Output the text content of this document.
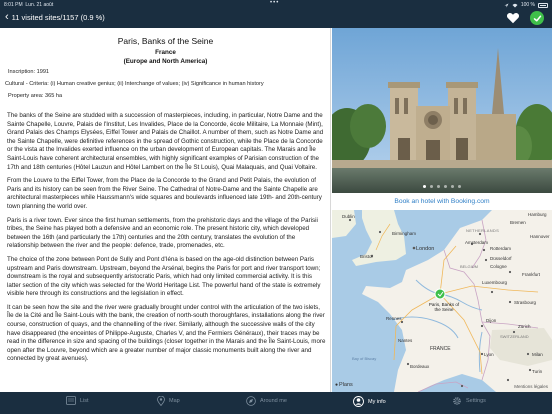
8:01 PM Lun. 21 août	•••	100 %
‹ 11 visited sites/1157 (0.9 %)
Paris, Banks of the Seine
France
(Europe and North America)
Inscription: 1991
Cultural - Criteria: (i) Human creative genius; (ii) Interchange of values; (iv) Significance in human history
Property area: 365 ha

The banks of the Seine are studded with a succession of masterpieces, including, in particular, Notre Dame and the Sainte Chapelle, Louvre, Palais de l'Institut, Les Invalides, Place de la Concorde, école Militaire, La Monnaie (Mint), Grand Palais des Champs Elysées, Eiffel Tower and Palais de Chaillot. A number of them, such as Notre Dame and the Sainte Chapelle, were definitive references in the spread of Gothic construction, while the Place de la Concorde or the vista at the Invalides exerted influence on the urban development of European capitals. The Marais and Île Saint-Louis have coherent architectural ensembles, with highly significant examples of Parisian construction of the 17th and 18th centuries (Hôtel Lauzun and Hôtel Lambert on the Île St Louis), Quai Malaquais, and Quai Voltaire.

From the Louvre to the Eiffel Tower, from the Place de la Concorde to the Grand and Petit Palais, the evolution of Paris and its history can be seen from the River Seine. The Cathedral of Notre-Dame and the Sainte Chapelle are architectural masterpieces while Haussmann's wide squares and boulevards influenced late 19th- and 20th-century town planning the world over.

Paris is a river town. Ever since the first human settlements, from the prehistoric days and the village of the Parisii tribes, the Seine has played both a defensive and an economic role. The present historic city, which developed between the 16th (and particularly the 17th) centuries and the 20th century, translates the evolution of the relationship between the river and the people: defence, trade, promenades, etc.

The choice of the zone between Pont de Sully and Pont d'Iéna is based on the age-old distinction between Paris upstream and Paris downstream. Upstream, beyond the Arsénal, begins the Paris for port and river transport town; downstream is the royal and subsequently aristocratic Paris, which had only limited commercial activity. It is this latter section of the city which was selected for the World Heritage List. The powerful hand of the state is extremely visible here through its constructions and the legislation in effect.

It can be seen how the site and the river were gradually brought under control with the articulation of the two islets, Île de la Cité and Île Saint-Louis with the bank, the creation of north-south thoroughfares, installations along the river course, construction of quays, and the channelling of the river. Similarly, although the successive walls of the city have disappeared (the enceintes of Philippe-Auguste, Charles V, and the Fermiers Généraux), their traces may be read in the difference in size and spacing of the buildings (closer together in the Marais and the Île Saint-Louis, more open after the Louvre, beyond which are a greater number of major classic monuments built along the river and connected by great avenues).

Book an hotel with Booking.com
Dublin	Hamburg
NETHERLANDS
Amsterdam
Bremen
Birmingham
London	Rotterdam
Hannover
Düsseldorf
Cologne
Frankfurt
Bristol
BELGIUM
Luxembourg
Rennes
Strasbourg
Nantes
Dijon
Zürich
FRANCE
Lyon
SWITZERLAND
Milan
Bay of Biscay
Bordeaux
Turin
Paris, Banks of the Seine
● Plans	Mentions légales
List	Map	Around me	My info	Settings
